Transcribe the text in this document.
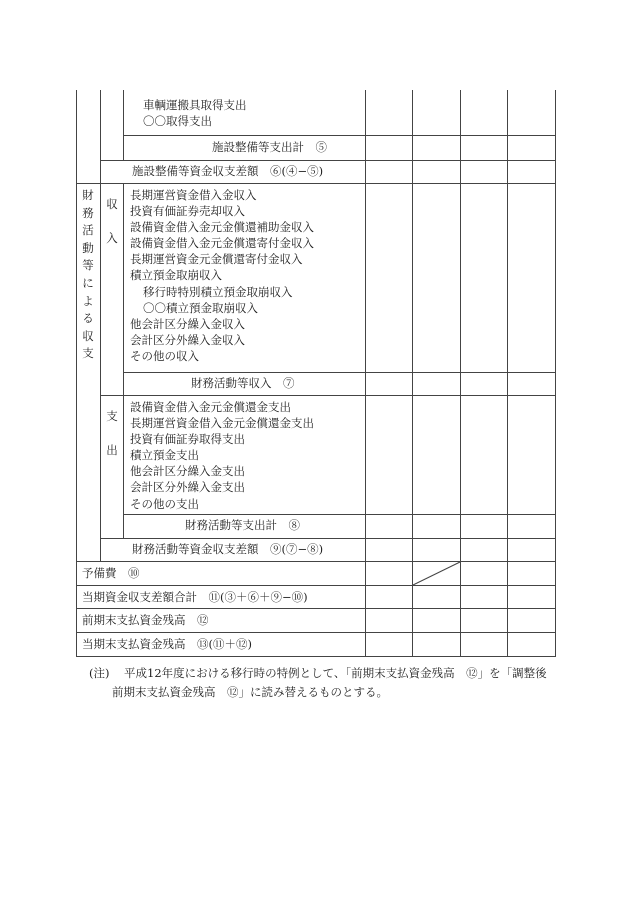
車輌運搬具取得支出
〇〇取得支出
施設整備等支出計　⑤
施設整備等資金収支差額　⑥(④−⑤)
財
務
活
動
等
に
よ
る
収
支
収
入
長期運営資金借入金収入
投資有価証券売却収入
設備資金借入金元金償還補助金収入
設備資金借入金元金償還寄付金収入
長期運営資金元金償還寄付金収入
積立預金取崩収入
移行時特別積立預金取崩収入
〇〇積立預金取崩収入
他会計区分繰入金収入
会計区分外繰入金収入
その他の収入
財務活動等収入　⑦
支
出
設備資金借入金元金償還金支出
長期運営資金借入金元金償還金支出
投資有価証券取得支出
積立預金支出
他会計区分繰入金支出
会計区分外繰入金支出
その他の支出
財務活動等支出計　⑧
財務活動等資金収支差額　⑨(⑦−⑧)
予備費　⑩
当期資金収支差額合計　⑪(③＋⑥＋⑨−⑩)
前期末支払資金残高　⑫
当期末支払資金残高　⑬(⑪＋⑫)
(注) 平成12年度における移行時の特例として、「前期末支払資金残高　⑫」を「調整後
前期末支払資金残高　⑫」に読み替えるものとする。
